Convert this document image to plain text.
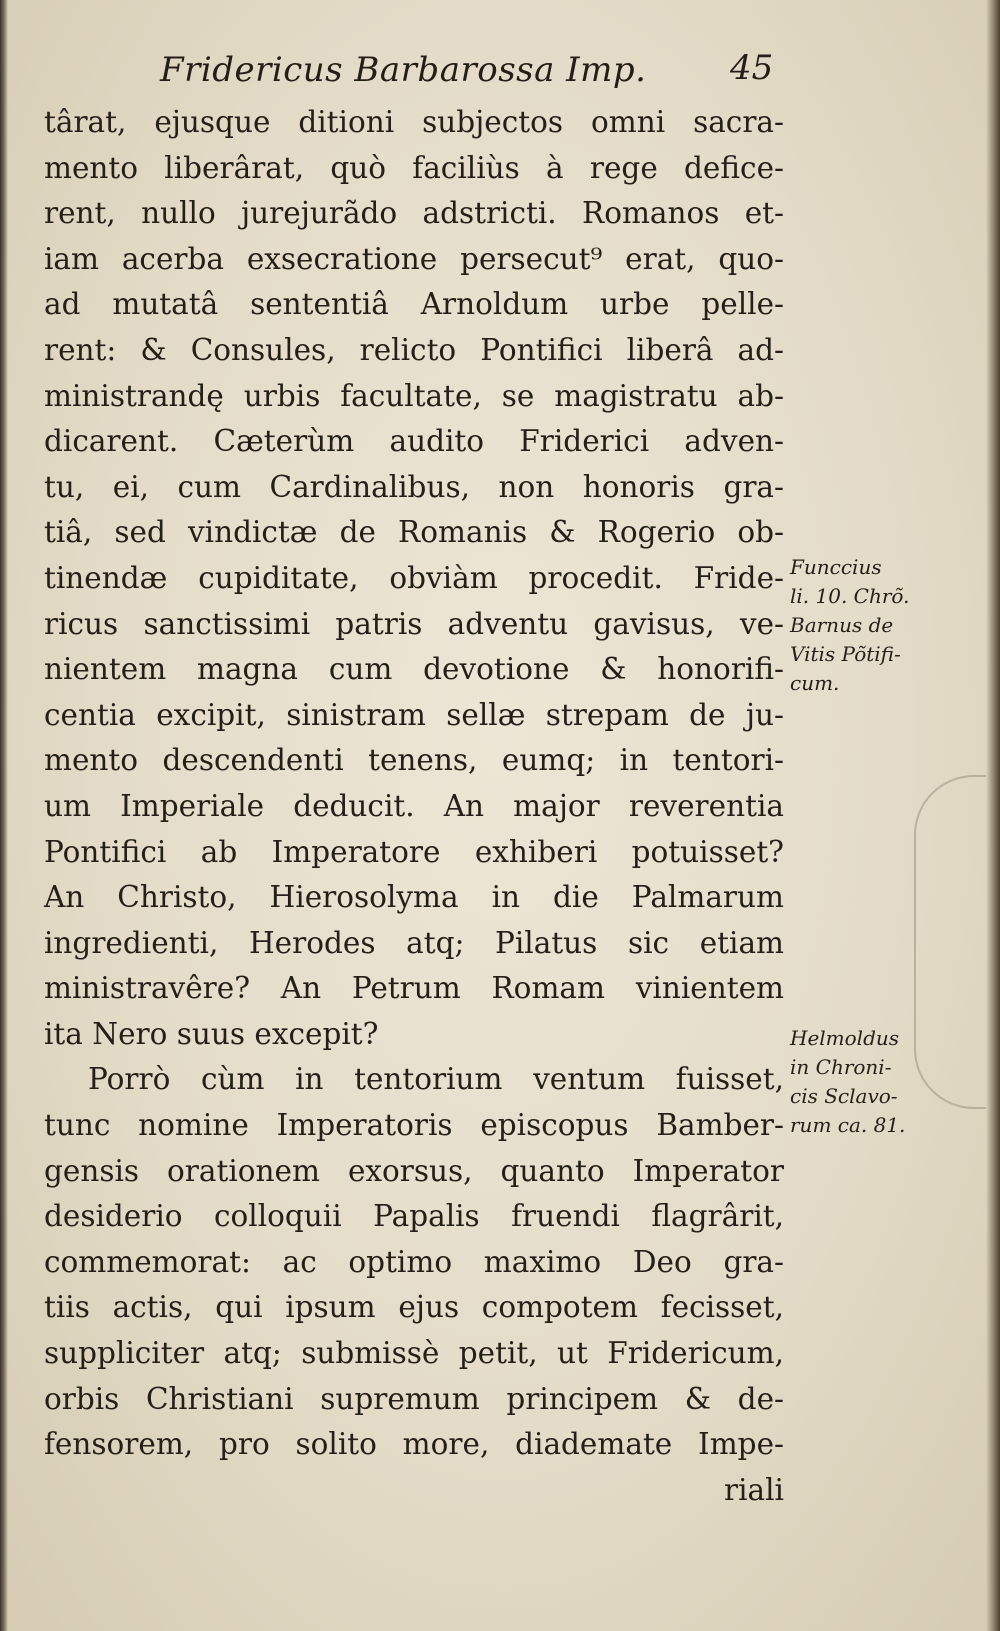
Fridericus Barbarossa Imp.	45
târat, ejusque ditioni subjectos omni sacra-
mento liberârat, quò faciliùs à rege defice-
rent, nullo jurejurãdo adstricti. Romanos et-
iam acerba exsecratione persecut⁹ erat, quo-
ad mutatâ sententiâ Arnoldum urbe pelle-
rent: & Consules, relicto Pontifici liberâ ad-
ministrandę urbis facultate, se magistratu ab-
dicarent. Cæterùm audito Friderici adven-
tu, ei, cum Cardinalibus, non honoris gra-
tiâ, sed vindictæ de Romanis & Rogerio ob-
tinendæ cupiditate, obviàm procedit. Fride-
ricus sanctissimi patris adventu gavisus, ve-
nientem magna cum devotione & honorifi-
centia excipit, sinistram sellæ strepam de ju-
mento descendenti tenens, eumq; in tentori-
um Imperiale deducit. An major reverentia
Pontifici ab Imperatore exhiberi potuisset?
An Christo, Hierosolyma in die Palmarum
ingredienti, Herodes atq; Pilatus sic etiam
ministravêre? An Petrum Romam vinientem
ita Nero suus excepit?
Porrò cùm in tentorium ventum fuisset,
tunc nomine Imperatoris episcopus Bamber-
gensis orationem exorsus, quanto Imperator
desiderio colloquii Papalis fruendi flagrârit,
commemorat: ac optimo maximo Deo gra-
tiis actis, qui ipsum ejus compotem fecisset,
suppliciter atq; submissè petit, ut Fridericum,
orbis Christiani supremum principem & de-
fensorem, pro solito more, diademate Impe-
riali
Funccius
li. 10. Chrõ.
Barnus de
Vitis Põtifi-
cum.
Helmoldus
in Chroni-
cis Sclavo-
rum ca. 81.
